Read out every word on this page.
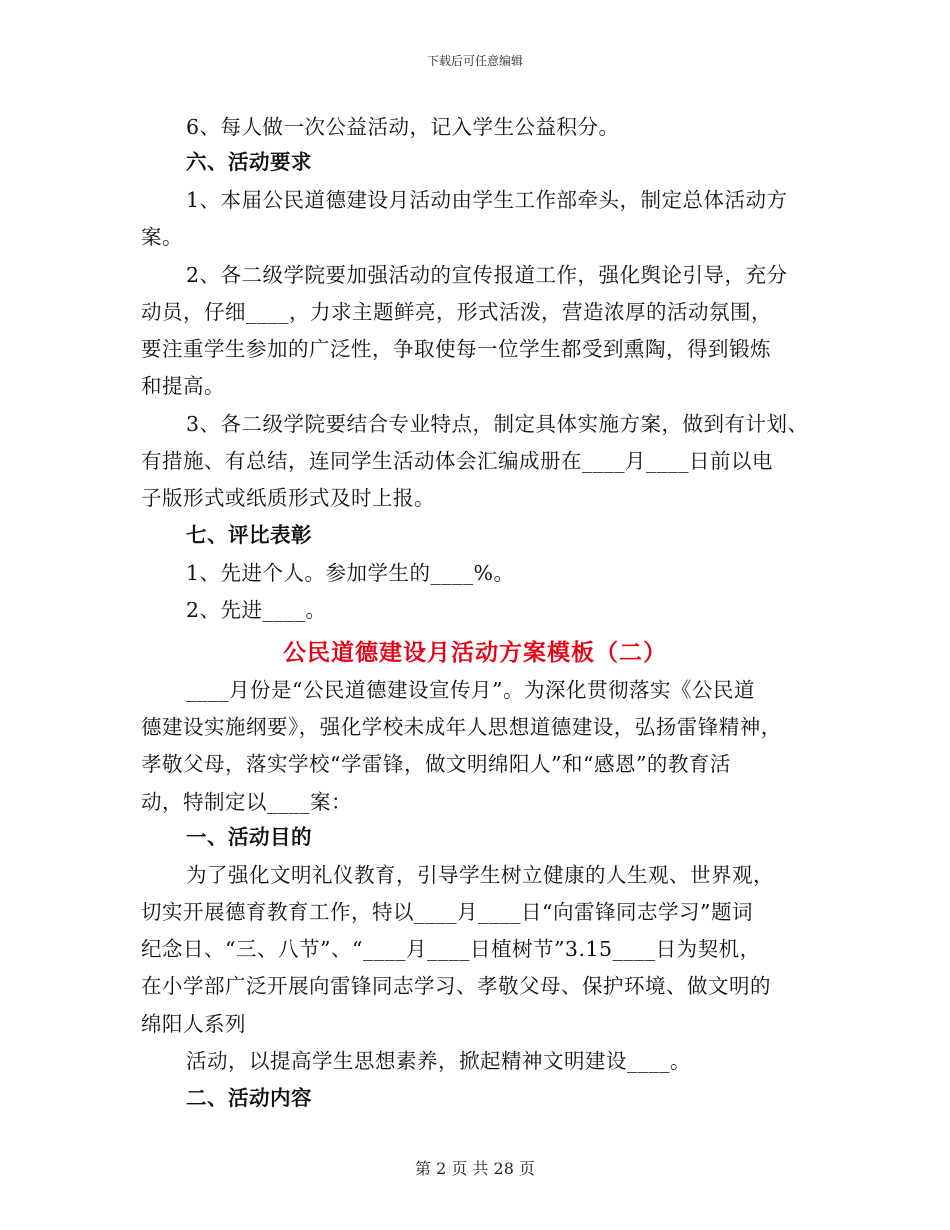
下载后可任意编辑
6、每人做一次公益活动，记入学生公益积分。
六、活动要求
1、本届公民道德建设月活动由学生工作部牵头，制定总体活动方
案。
2、各二级学院要加强活动的宣传报道工作，强化舆论引导，充分
动员，仔细____，力求主题鲜亮，形式活泼，营造浓厚的活动氛围，
要注重学生参加的广泛性，争取使每一位学生都受到熏陶，得到锻炼
和提高。
3、各二级学院要结合专业特点，制定具体实施方案，做到有计划、
有措施、有总结，连同学生活动体会汇编成册在____月____日前以电
子版形式或纸质形式及时上报。
七、评比表彰
1、先进个人。参加学生的____%。
2、先进____。
公民道德建设月活动方案模板（二）
____月份是“公民道德建设宣传月”。为深化贯彻落实《公民道
德建设实施纲要》，强化学校未成年人思想道德建设，弘扬雷锋精神，
孝敬父母，落实学校“学雷锋，做文明绵阳人”和“感恩”的教育活
动，特制定以____案：
一、活动目的
为了强化文明礼仪教育，引导学生树立健康的人生观、世界观，
切实开展德育教育工作，特以____月____日“向雷锋同志学习”题词
纪念日、“三、八节”、“____月____日植树节”3.15____日为契机，
在小学部广泛开展向雷锋同志学习、孝敬父母、保护环境、做文明的
绵阳人系列
活动，以提高学生思想素养，掀起精神文明建设____。
二、活动内容
第 2 页 共 28 页
